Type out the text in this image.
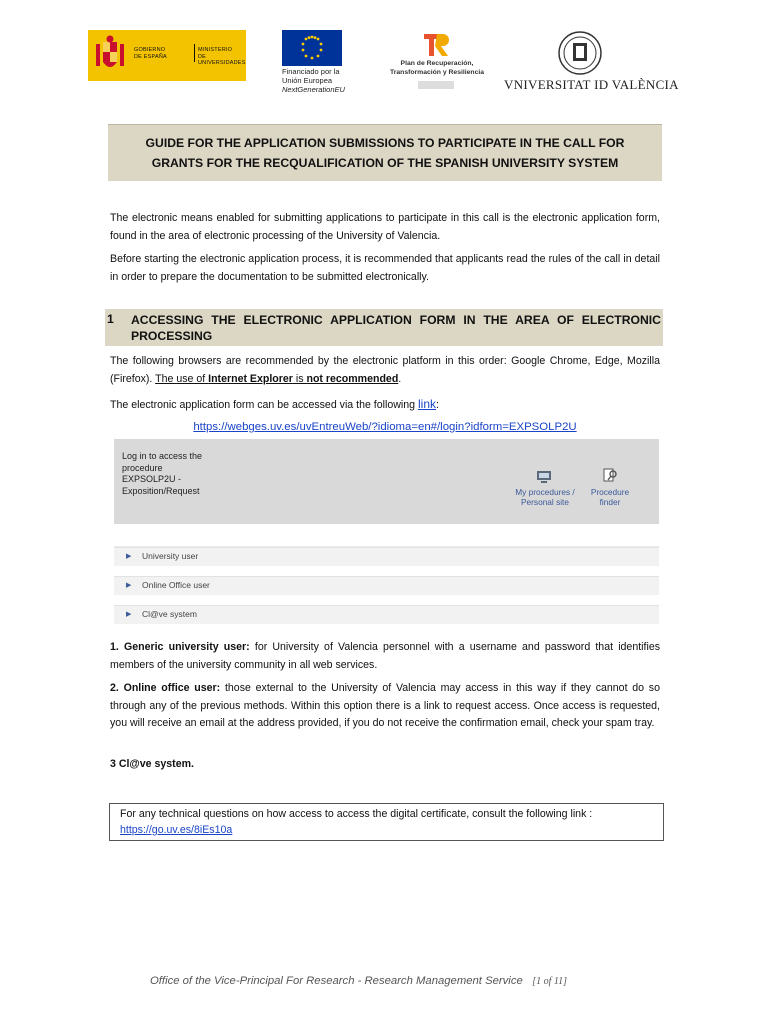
GOBIERNO
DE ESPAÑA
MINISTERIO
DE UNIVERSIDADES
Financiado por la
Unión Europea
NextGenerationEU
Plan de Recuperación,
Transformación y Resiliencia
VNIVERSITAT ID VALÈNCIA
GUIDE FOR THE APPLICATION SUBMISSIONS TO PARTICIPATE IN THE CALL FOR
GRANTS FOR THE RECQUALIFICATION OF THE SPANISH UNIVERSITY SYSTEM
The electronic means enabled for submitting applications to participate in this call is the electronic application form, found in the area of electronic processing of the University of Valencia.
Before starting the electronic application process, it is recommended that applicants read the rules of the call in detail in order to prepare the documentation to be submitted electronically.
1 ACCESSING THE ELECTRONIC APPLICATION FORM IN THE AREA OF ELECTRONIC PROCESSING
The following browsers are recommended by the electronic platform in this order: Google Chrome, Edge, Mozilla (Firefox). The use of Internet Explorer is not recommended.
The electronic application form can be accessed via the following link:
https://webges.uv.es/uvEntreuWeb/?idioma=en#/login?idform=EXPSOLP2U
Log in to access the procedure
EXPSOLP2U -
Exposition/Request	My procedures /
Personal site
Procedure
finder
▶ University user
▶ Online Office user
▶ Cl@ve system
1. Generic university user: for University of Valencia personnel with a username and password that identifies members of the university community in all web services.
2. Online office user: those external to the University of Valencia may access in this way if they cannot do so through any of the previous methods. Within this option there is a link to request access. Once access is requested, you will receive an email at the address provided, if you do not receive the confirmation email, check your spam tray.
3 Cl@ve system.
For any technical questions on how access to access the digital certificate, consult the following link :
https://go.uv.es/8iEs10a
Office of the Vice-Principal For Research - Research Management Service [1 of 11]
